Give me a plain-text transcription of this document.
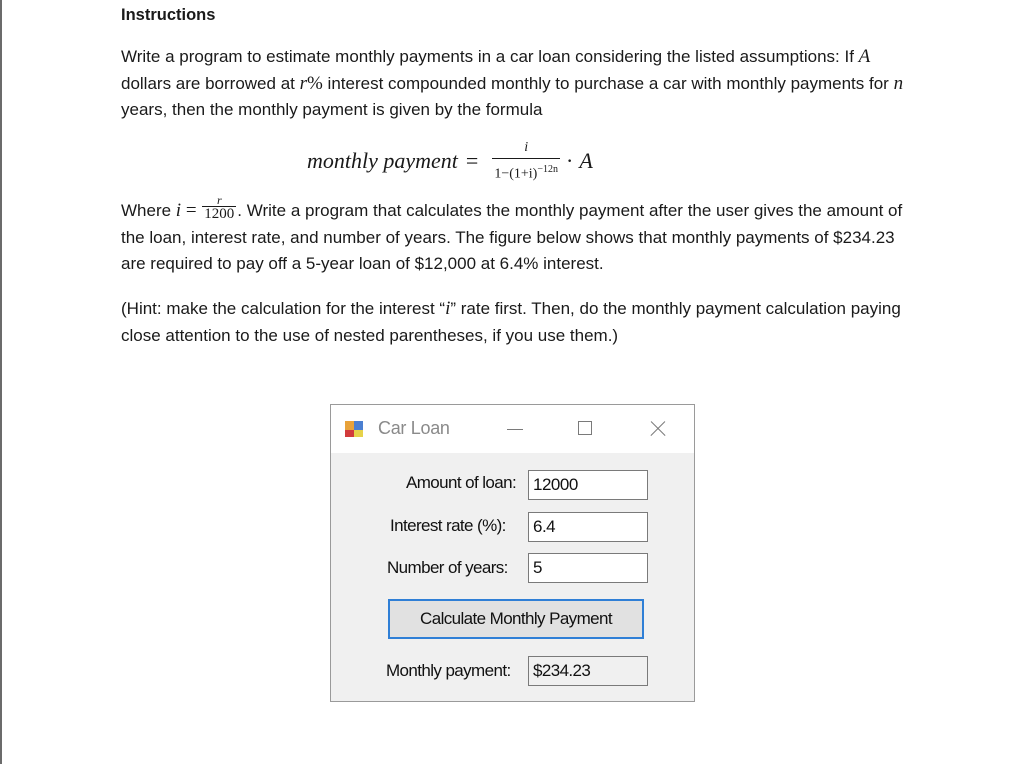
Instructions
Write a program to estimate monthly payments in a car loan considering the listed assumptions: If A dollars are borrowed at r% interest compounded monthly to purchase a car with monthly payments for n years, then the monthly payment is given by the formula
monthly payment = $\frac{i}{1-(1+i)^{-12n}} \cdot A$
Where $i = \frac{r}{1200}$ . Write a program that calculates the monthly payment after the user gives the amount of the loan, interest rate, and number of years. The figure below shows that monthly payments of $234.23 are required to pay off a 5-year loan of $12,000 at 6.4% interest.
(Hint: make the calculation for the interest “i” rate first. Then, do the monthly payment calculation paying close attention to the use of nested parentheses, if you use them.)
Car Loan
Amount of loan: 12000
Interest rate (%): 6.4
Number of years: 5
Calculate Monthly Payment
Monthly payment: $234.23
